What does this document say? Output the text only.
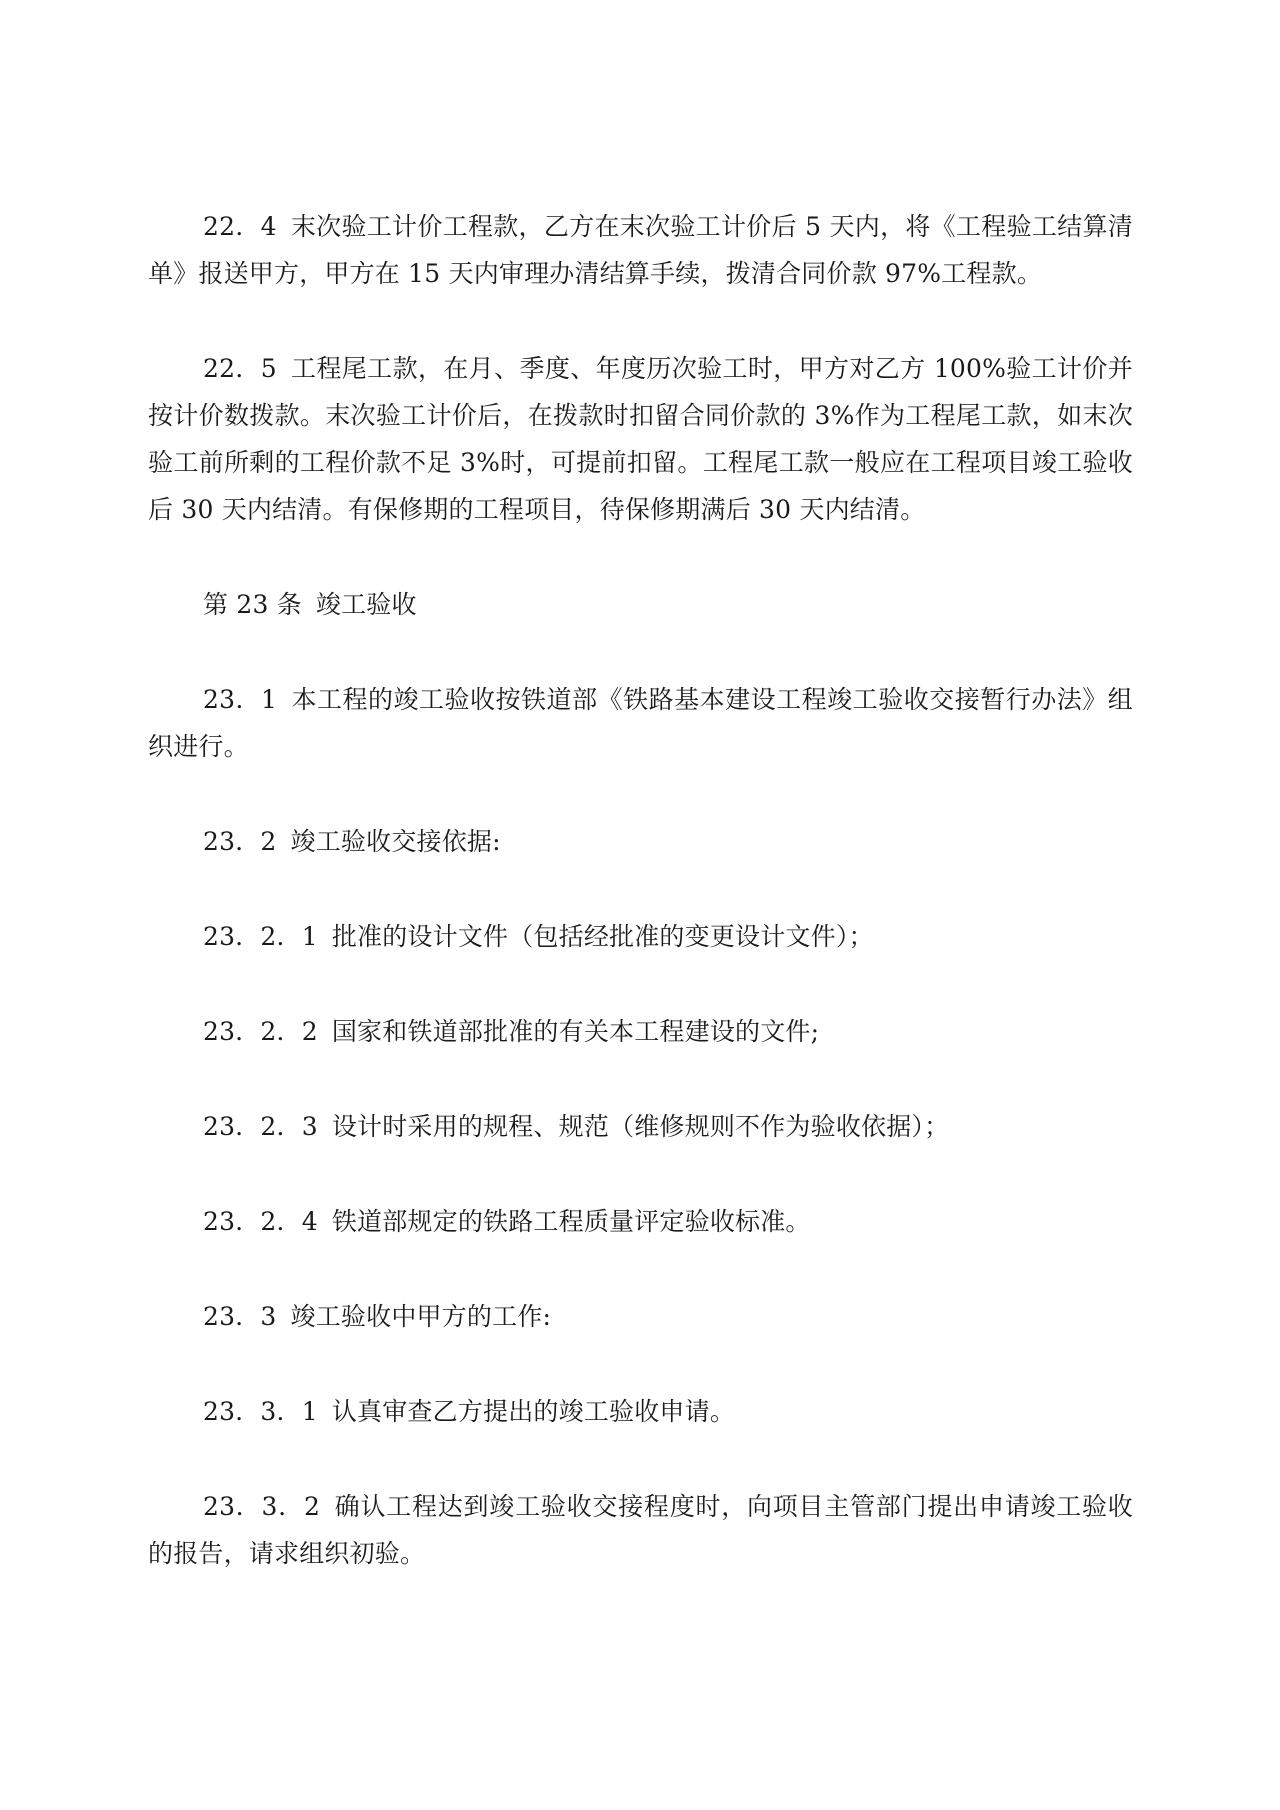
22．4 末次验工计价工程款，乙方在末次验工计价后 5 天内，将《工程验工结算清单》报送甲方，甲方在 15 天内审理办清结算手续，拨清合同价款 97%工程款。

22．5 工程尾工款，在月、季度、年度历次验工时，甲方对乙方 100%验工计价并按计价数拨款。末次验工计价后，在拨款时扣留合同价款的 3%作为工程尾工款，如末次验工前所剩的工程价款不足 3%时，可提前扣留。工程尾工款一般应在工程项目竣工验收后 30 天内结清。有保修期的工程项目，待保修期满后 30 天内结清。

第 23 条 竣工验收

23．1 本工程的竣工验收按铁道部《铁路基本建设工程竣工验收交接暂行办法》组织进行。

23．2 竣工验收交接依据:

23．2．1 批准的设计文件（包括经批准的变更设计文件）；

23．2．2 国家和铁道部批准的有关本工程建设的文件;

23．2．3 设计时采用的规程、规范（维修规则不作为验收依据）；

23．2．4 铁道部规定的铁路工程质量评定验收标准。

23．3 竣工验收中甲方的工作:

23．3．1 认真审查乙方提出的竣工验收申请。

23．3．2 确认工程达到竣工验收交接程度时，向项目主管部门提出申请竣工验收的报告，请求组织初验。
